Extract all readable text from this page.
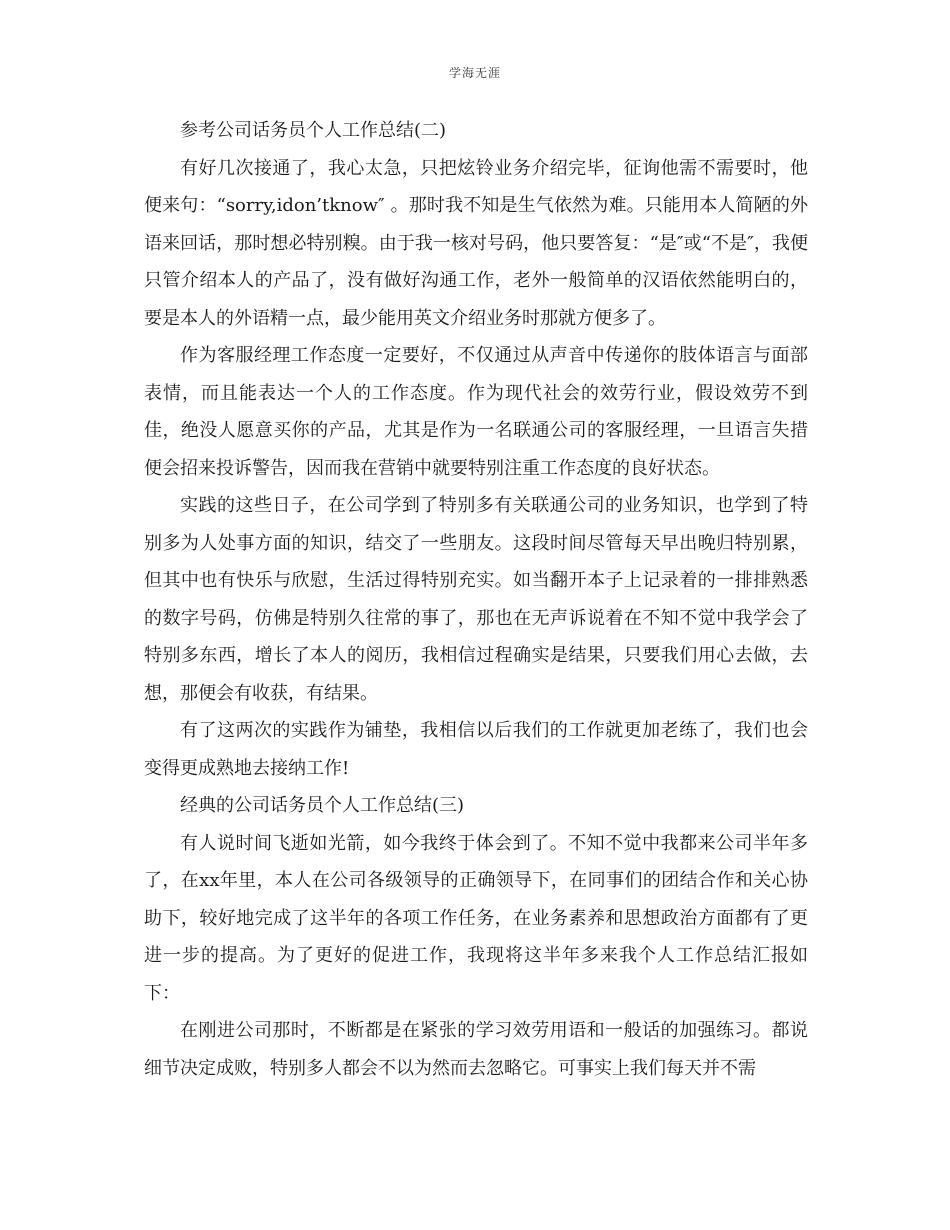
学海无涯

参考公司话务员个人工作总结(二)

有好几次接通了，我心太急，只把炫铃业务介绍完毕，征询他需不需要时，他便来句：“sorry,idon’tknow″ 。那时我不知是生气依然为难。只能用本人简陋的外语来回话，那时想必特别糗。由于我一核对号码，他只要答复：“是″或“不是″，我便只管介绍本人的产品了，没有做好沟通工作，老外一般简单的汉语依然能明白的，要是本人的外语精一点，最少能用英文介绍业务时那就方便多了。

作为客服经理工作态度一定要好，不仅通过从声音中传递你的肢体语言与面部表情，而且能表达一个人的工作态度。作为现代社会的效劳行业，假设效劳不到佳，绝没人愿意买你的产品，尤其是作为一名联通公司的客服经理，一旦语言失措便会招来投诉警告，因而我在营销中就要特别注重工作态度的良好状态。

实践的这些日子，在公司学到了特别多有关联通公司的业务知识，也学到了特别多为人处事方面的知识，结交了一些朋友。这段时间尽管每天早出晚归特别累，但其中也有快乐与欣慰，生活过得特别充实。如当翻开本子上记录着的一排排熟悉的数字号码，仿佛是特别久往常的事了，那也在无声诉说着在不知不觉中我学会了特别多东西，增长了本人的阅历，我相信过程确实是结果，只要我们用心去做，去想，那便会有收获，有结果。

有了这两次的实践作为铺垫，我相信以后我们的工作就更加老练了，我们也会变得更成熟地去接纳工作!

经典的公司话务员个人工作总结(三)

有人说时间飞逝如光箭，如今我终于体会到了。不知不觉中我都来公司半年多了，在xx年里，本人在公司各级领导的正确领导下，在同事们的团结合作和关心协助下，较好地完成了这半年的各项工作任务，在业务素养和思想政治方面都有了更进一步的提高。为了更好的促进工作，我现将这半年多来我个人工作总结汇报如下：

在刚进公司那时，不断都是在紧张的学习效劳用语和一般话的加强练习。都说细节决定成败，特别多人都会不以为然而去忽略它。可事实上我们每天并不需
